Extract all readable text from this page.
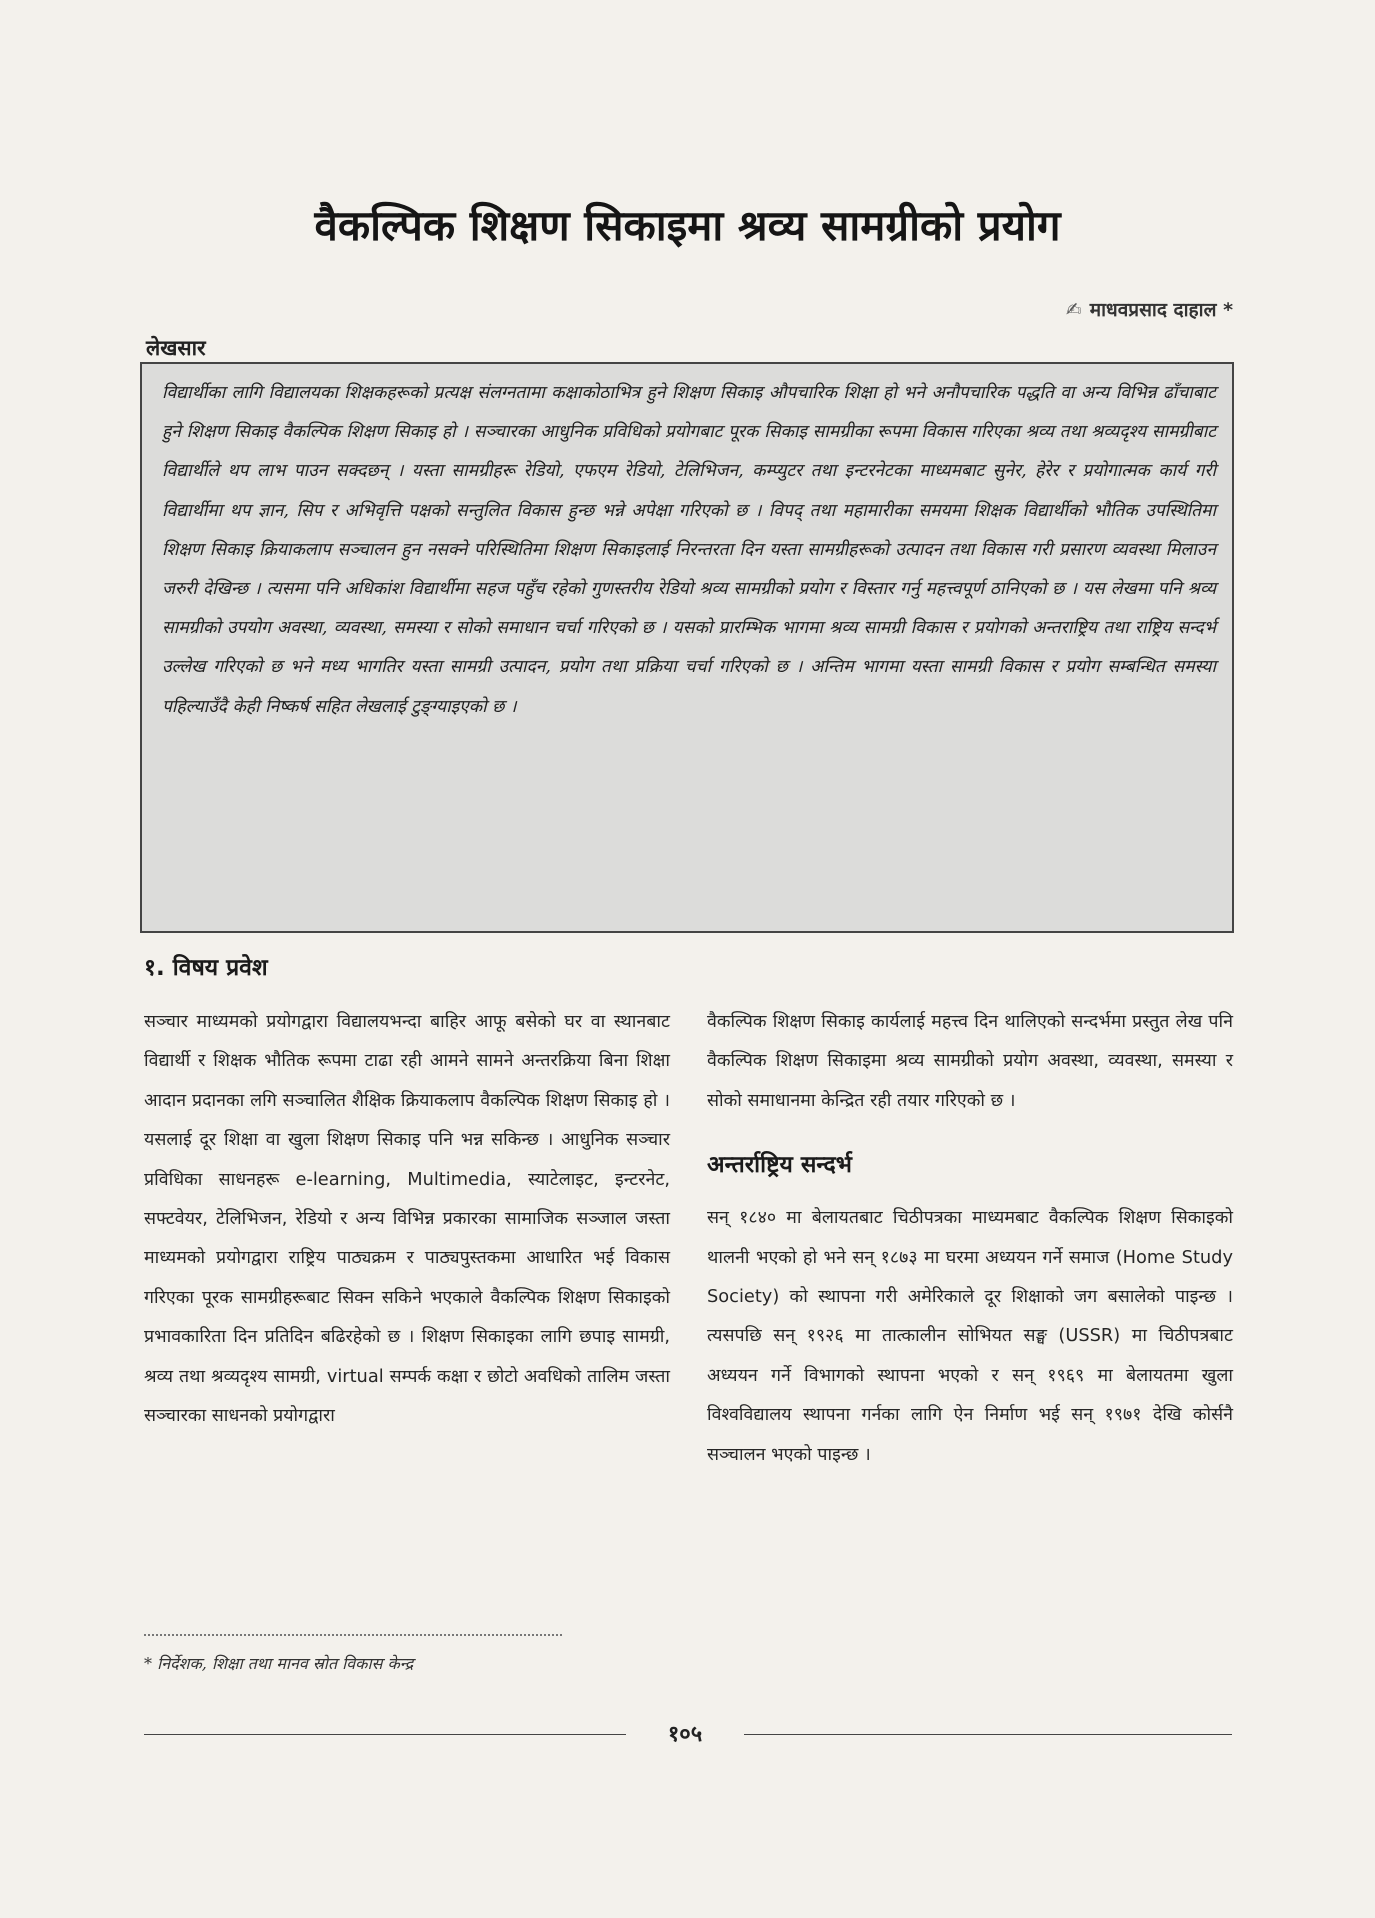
वैकल्पिक शिक्षण सिकाइमा श्रव्य सामग्रीको प्रयोग
✍ माधवप्रसाद दाहाल *
लेखसार
विद्यार्थीका लागि विद्यालयका शिक्षकहरूको प्रत्यक्ष संलग्नतामा कक्षाकोठाभित्र हुने शिक्षण सिकाइ औपचारिक शिक्षा हो भने अनौपचारिक पद्धति वा अन्य विभिन्न ढाँचाबाट हुने शिक्षण सिकाइ वैकल्पिक शिक्षण सिकाइ हो । सञ्चारका आधुनिक प्रविधिको प्रयोगबाट पूरक सिकाइ सामग्रीका रूपमा विकास गरिएका श्रव्य तथा श्रव्यदृश्य सामग्रीबाट विद्यार्थीले थप लाभ पाउन सक्दछन् । यस्ता सामग्रीहरू रेडियो, एफएम रेडियो, टेलिभिजन, कम्प्युटर तथा इन्टरनेटका माध्यमबाट सुनेर, हेरेर र प्रयोगात्मक कार्य गरी विद्यार्थीमा थप ज्ञान, सिप र अभिवृत्ति पक्षको सन्तुलित विकास हुन्छ भन्ने अपेक्षा गरिएको छ । विपद् तथा महामारीका समयमा शिक्षक विद्यार्थीको भौतिक उपस्थितिमा शिक्षण सिकाइ क्रियाकलाप सञ्चालन हुन नसक्ने परिस्थितिमा शिक्षण सिकाइलाई निरन्तरता दिन यस्ता सामग्रीहरूको उत्पादन तथा विकास गरी प्रसारण व्यवस्था मिलाउन जरुरी देखिन्छ । त्यसमा पनि अधिकांश विद्यार्थीमा सहज पहुँच रहेको गुणस्तरीय रेडियो श्रव्य सामग्रीको प्रयोग र विस्तार गर्नु महत्त्वपूर्ण ठानिएको छ । यस लेखमा पनि श्रव्य सामग्रीको उपयोग अवस्था, व्यवस्था, समस्या र सोको समाधान चर्चा गरिएको छ । यसको प्रारम्भिक भागमा श्रव्य सामग्री विकास र प्रयोगको अन्तराष्ट्रिय तथा राष्ट्रिय सन्दर्भ उल्लेख गरिएको छ भने मध्य भागतिर यस्ता सामग्री उत्पादन, प्रयोग तथा प्रक्रिया चर्चा गरिएको छ । अन्तिम भागमा यस्ता सामग्री विकास र प्रयोग सम्बन्धित समस्या पहिल्याउँदै केही निष्कर्ष सहित लेखलाई टुङ्ग्याइएको छ ।
१. विषय प्रवेश

सञ्चार माध्यमको प्रयोगद्वारा विद्यालयभन्दा बाहिर आफू बसेको घर वा स्थानबाट विद्यार्थी र शिक्षक भौतिक रूपमा टाढा रही आमने सामने अन्तरक्रिया बिना शिक्षा आदान प्रदानका लगि सञ्चालित शैक्षिक क्रियाकलाप वैकल्पिक शिक्षण सिकाइ हो । यसलाई दूर शिक्षा वा खुला शिक्षण सिकाइ पनि भन्न सकिन्छ । आधुनिक सञ्चार प्रविधिका साधनहरू e-learning, Multimedia, स्याटेलाइट, इन्टरनेट, सफ्टवेयर, टेलिभिजन, रेडियो र अन्य विभिन्न प्रकारका सामाजिक सञ्जाल जस्ता माध्यमको प्रयोगद्वारा राष्ट्रिय पाठ्यक्रम र पाठ्यपुस्तकमा आधारित भई विकास गरिएका पूरक सामग्रीहरूबाट सिक्न सकिने भएकाले वैकल्पिक शिक्षण सिकाइको प्रभावकारिता दिन प्रतिदिन बढिरहेको छ । शिक्षण सिकाइका लागि छपाइ सामग्री, श्रव्य तथा श्रव्यदृश्य सामग्री, virtual सम्पर्क कक्षा र छोटो अवधिको तालिम जस्ता सञ्चारका साधनको प्रयोगद्वारा

वैकल्पिक शिक्षण सिकाइ कार्यलाई महत्त्व दिन थालिएको सन्दर्भमा प्रस्तुत लेख पनि वैकल्पिक शिक्षण सिकाइमा श्रव्य सामग्रीको प्रयोग अवस्था, व्यवस्था, समस्या र सोको समाधानमा केन्द्रित रही तयार गरिएको छ ।

अन्तर्राष्ट्रिय सन्दर्भ

सन् १८४० मा बेलायतबाट चिठीपत्रका माध्यमबाट वैकल्पिक शिक्षण सिकाइको थालनी भएको हो भने सन् १८७३ मा घरमा अध्ययन गर्ने समाज (Home Study Society) को स्थापना गरी अमेरिकाले दूर शिक्षाको जग बसालेको पाइन्छ । त्यसपछि सन् १९२६ मा तात्कालीन सोभियत सङ्घ (USSR) मा चिठीपत्रबाट अध्ययन गर्ने विभागको स्थापना भएको र सन् १९६९ मा बेलायतमा खुला विश्वविद्यालय स्थापना गर्नका लागि ऐन निर्माण भई सन् १९७१ देखि कोर्सनै सञ्चालन भएको पाइन्छ ।

* निर्देशक, शिक्षा तथा मानव स्रोत विकास केन्द्र
१०५
